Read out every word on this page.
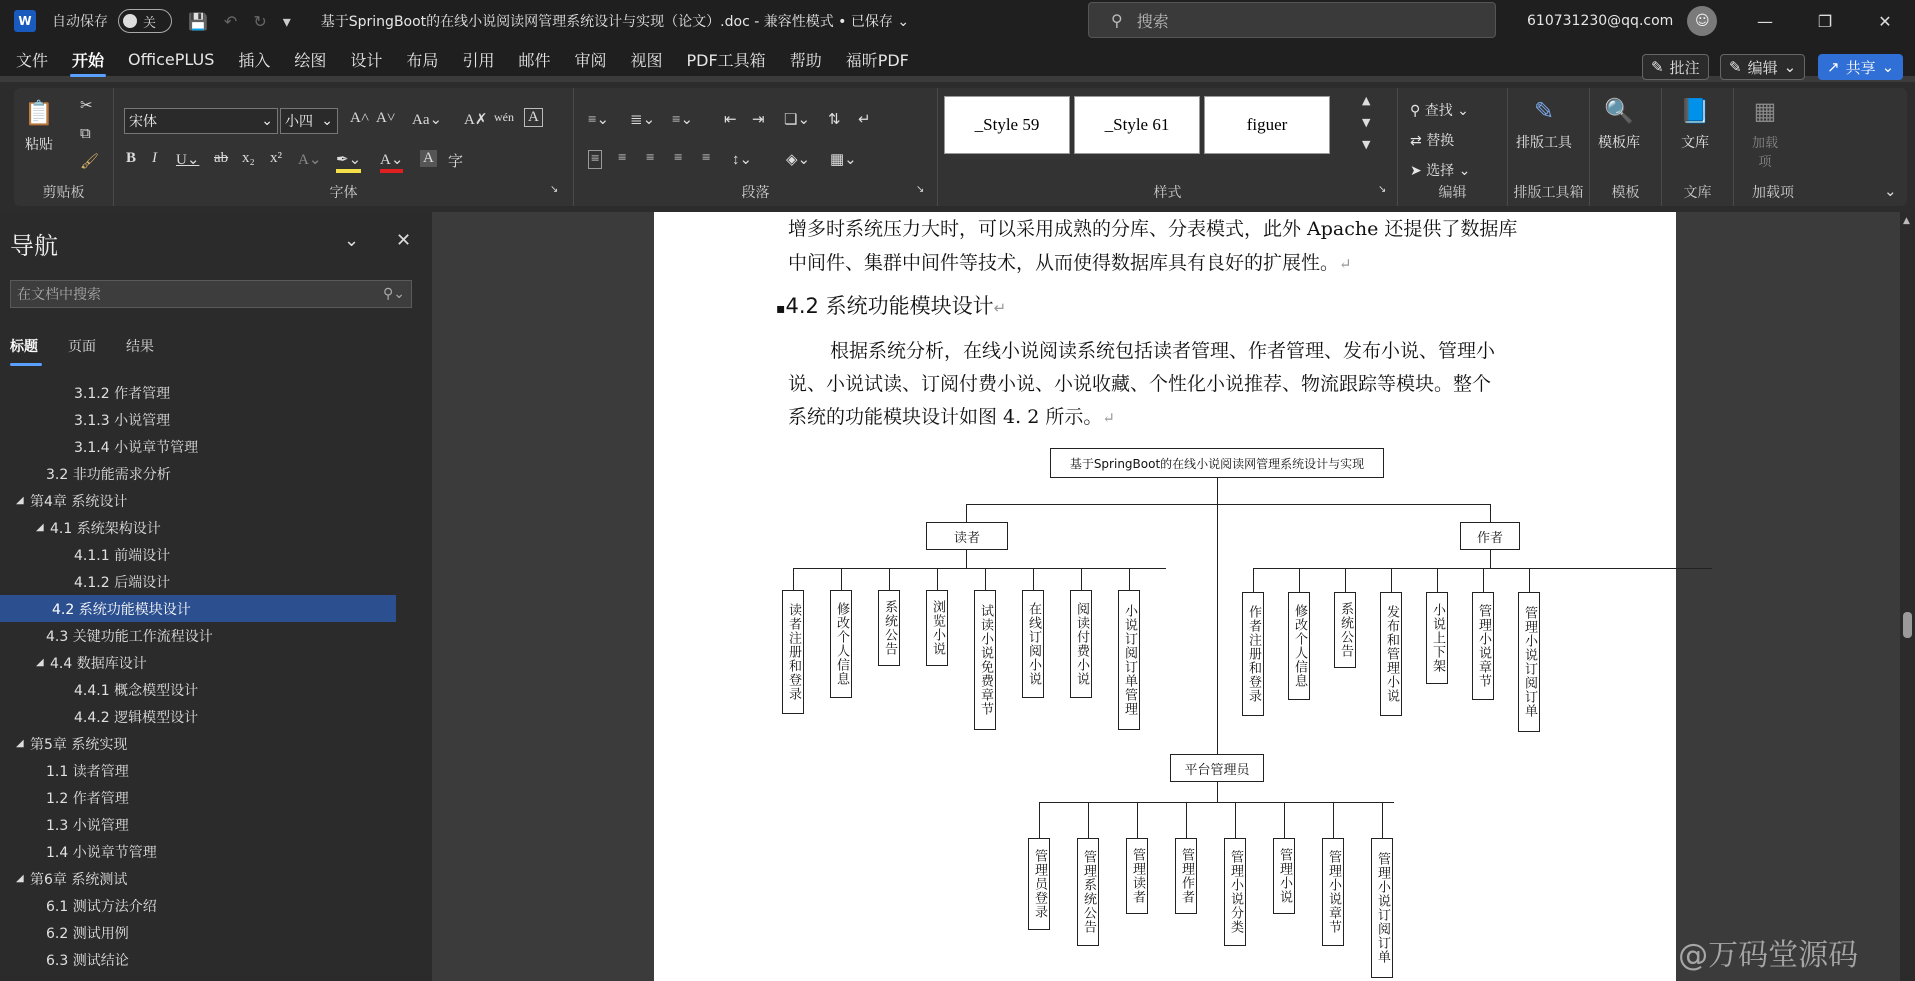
W	自动保存	关 💾 ↶ ↻ ▾ 基于SpringBoot的在线小说阅读网管理系统设计与实现（论文）.doc - 兼容性模式 • 已保存 ⌄	⚲ 搜索	610731230@qq.com	☺	—	❐	✕
文件 开始 OfficePLUS 插入 绘图 设计 布局 引用 邮件 审阅 视图 PDF工具箱 帮助 福昕PDF	✎ 批注 ✎ 编辑 ⌄ ↗ 共享 ⌄
📋
粘贴
✂
⧉
🖌
剪贴板
宋体	⌄ 小四 ⌄ A˄ A˅ Aa⌄ A✗ wén A
B I U⌄ ab x₂ x² A⌄ ✒⌄ A⌄ A 字
↘
字体
≡⌄ ≣⌄ ≡⌄ ⇤ ⇥ ❏⌄ ⇅ ↵
≡ ≡ ≡ ≡ ≡ ↕⌄ ◈⌄ ▦⌄
↘
段落
_Style 59	_Style 61	figuer
▲
▼
▼
↘
样式
⚲ 查找 ⌄
⇄ 替换
➤ 选择 ⌄
编辑
✎
排版工具
排版工具箱
🔍
模板库
模板
📘
文库
文库
▦
加载项
加载项	⌄
导航	⌄ ✕
在文档中搜索	⚲⌄
标题 页面 结果
3.1.2 作者管理
3.1.3 小说管理
3.1.4 小说章节管理
3.2 非功能需求分析
◢ 第4章 系统设计
◢ 4.1 系统架构设计
4.1.1 前端设计
4.1.2 后端设计
4.2 系统功能模块设计
4.3 关键功能工作流程设计
◢ 4.4 数据库设计
4.4.1 概念模型设计
4.4.2 逻辑模型设计
◢ 第5章 系统实现
1.1 读者管理
1.2 作者管理
1.3 小说管理
1.4 小说章节管理
◢ 第6章 系统测试
6.1 测试方法介绍
6.2 测试用例
6.3 测试结论
增多时系统压力大时，可以采用成熟的分库、分表模式，此外 Apache 还提供了数据库
中间件、集群中间件等技术，从而使得数据库具有良好的扩展性。↵
▪4.2 系统功能模块设计↵
根据系统分析，在线小说阅读系统包括读者管理、作者管理、发布小说、管理小
说、小说试读、订阅付费小说、小说收藏、个性化小说推荐、物流跟踪等模块。整个
系统的功能模块设计如图 4. 2 所示。↵
基于SpringBoot的在线小说阅读网管理系统设计与实现
读者	作者
读者注册和登录	修改个人信息	系统公告	浏览小说	试读小说免费章节	在线订阅小说	阅读付费小说	小说订阅订单管理	作者注册和登录	修改个人信息	系统公告	发布和管理小说	小说上下架	管理小说章节	管理小说订阅订单
平台管理员
管理员登录	管理系统公告	管理读者	管理作者	管理小说分类	管理小说	管理小说章节	管理小说订阅订单
▲
CSDN @万码堂源码
